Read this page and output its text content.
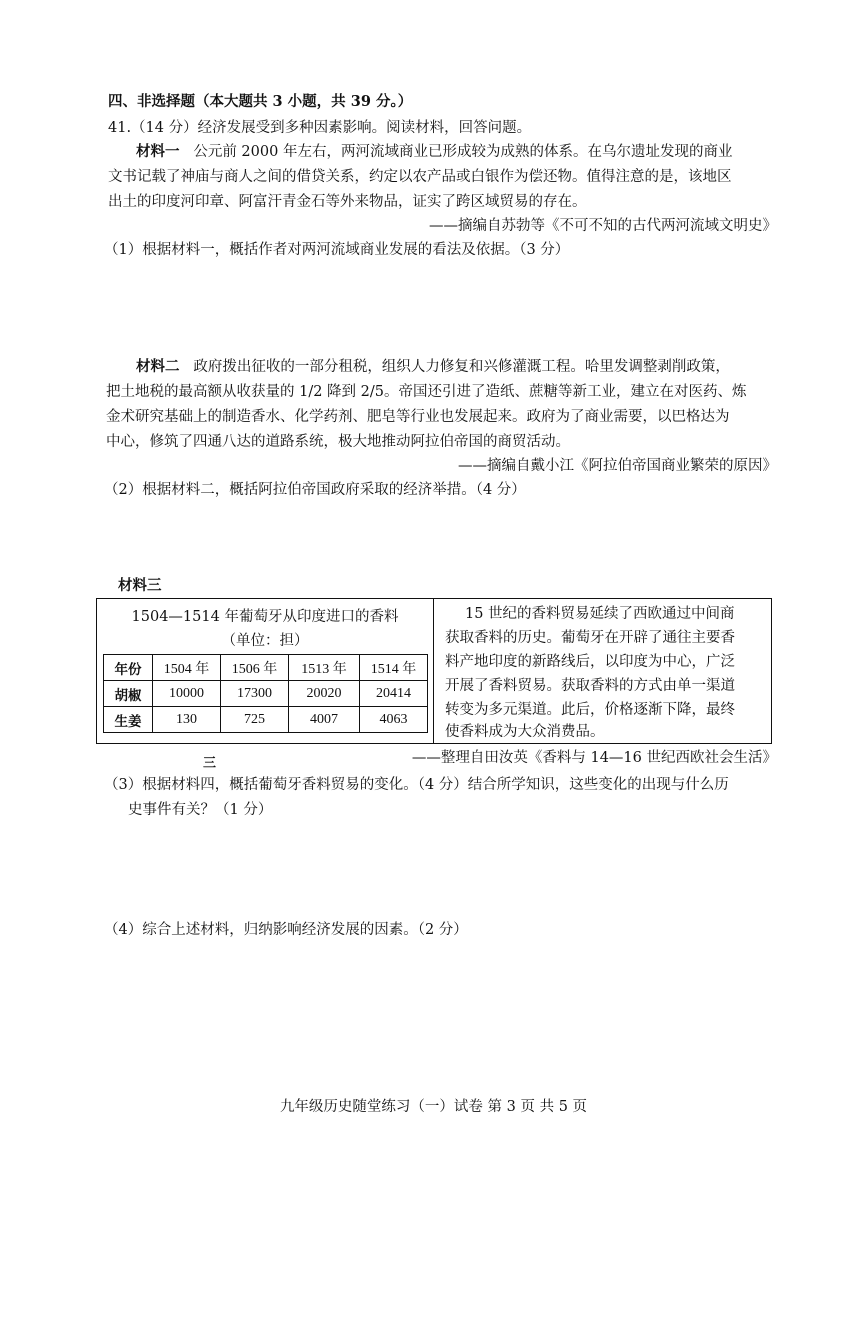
四、非选择题（本大题共 3 小题，共 39 分。）
41.（14 分）经济发展受到多种因素影响。阅读材料，回答问题。
材料一 公元前 2000 年左右，两河流域商业已形成较为成熟的体系。在乌尔遗址发现的商业
文书记载了神庙与商人之间的借贷关系，约定以农产品或白银作为偿还物。值得注意的是，该地区
出土的印度河印章、阿富汗青金石等外来物品，证实了跨区域贸易的存在。
——摘编自苏勃等《不可不知的古代两河流域文明史》
（1）根据材料一，概括作者对两河流域商业发展的看法及依据。（3 分）
材料二 政府拨出征收的一部分租税，组织人力修复和兴修灌溉工程。哈里发调整剥削政策，
把土地税的最高额从收获量的 1/2 降到 2/5。帝国还引进了造纸、蔗糖等新工业，建立在对医药、炼
金术研究基础上的制造香水、化学药剂、肥皂等行业也发展起来。政府为了商业需要，以巴格达为
中心，修筑了四通八达的道路系统，极大地推动阿拉伯帝国的商贸活动。
——摘编自戴小江《阿拉伯帝国商业繁荣的原因》
（2）根据材料二，概括阿拉伯帝国政府采取的经济举措。（4 分）
材料三
1504—1514 年葡萄牙从印度进口的香料
（单位：担）
年份	1504 年	1506 年	1513 年	1514 年
胡椒	10000	17300	20020	20414
生姜	130	725	4007	4063
15 世纪的香料贸易延续了西欧通过中间商
获取香料的历史。葡萄牙在开辟了通往主要香
料产地印度的新路线后，以印度为中心，广泛
开展了香料贸易。获取香料的方式由单一渠道
转变为多元渠道。此后，价格逐渐下降，最终
使香料成为大众消费品。
——整理自田汝英《香料与 14—16 世纪西欧社会生活》
（3）根据材料四，概括葡萄牙香料贸易的变化。（4 分）结合所学知识，这些变化的出现与什么历
三
史事件有关？（1 分）
（4）综合上述材料，归纳影响经济发展的因素。（2 分）
九年级历史随堂练习（一）试卷 第 3 页 共 5 页
